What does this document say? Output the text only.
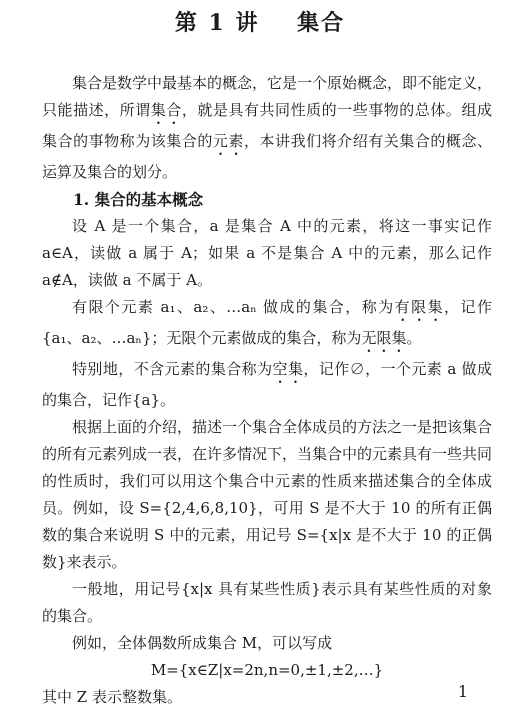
第 1 讲 集合

集合是数学中最基本的概念，它是一个原始概念，即不能定义，只能描述，所谓集合，就是具有共同性质的一些事物的总体。组成集合的事物称为该集合的元素，本讲我们将介绍有关集合的概念、运算及集合的划分。

1. 集合的基本概念

设 A 是一个集合，a 是集合 A 中的元素，将这一事实记作 a∈A，读做 a 属于 A；如果 a 不是集合 A 中的元素，那么记作 a∉A，读做 a 不属于 A。

有限个元素 a₁、a₂、…aₙ 做成的集合，称为有限集，记作 {a₁、a₂、…aₙ}；无限个元素做成的集合，称为无限集。

特别地，不含元素的集合称为空集，记作∅，一个元素 a 做成的集合，记作{a}。

根据上面的介绍，描述一个集合全体成员的方法之一是把该集合的所有元素列成一表，在许多情况下，当集合中的元素具有一些共同的性质时，我们可以用这个集合中元素的性质来描述集合的全体成员。例如，设 S={2,4,6,8,10}，可用 S 是不大于 10 的所有正偶数的集合来说明 S 中的元素，用记号 S={x|x 是不大于 10 的正偶数}来表示。

一般地，用记号{x|x 具有某些性质}表示具有某些性质的对象的集合。

例如，全体偶数所成集合 M，可以写成

M={x∈Z|x=2n,n=0,±1,±2,…}

其中 Z 表示整数集。	1
